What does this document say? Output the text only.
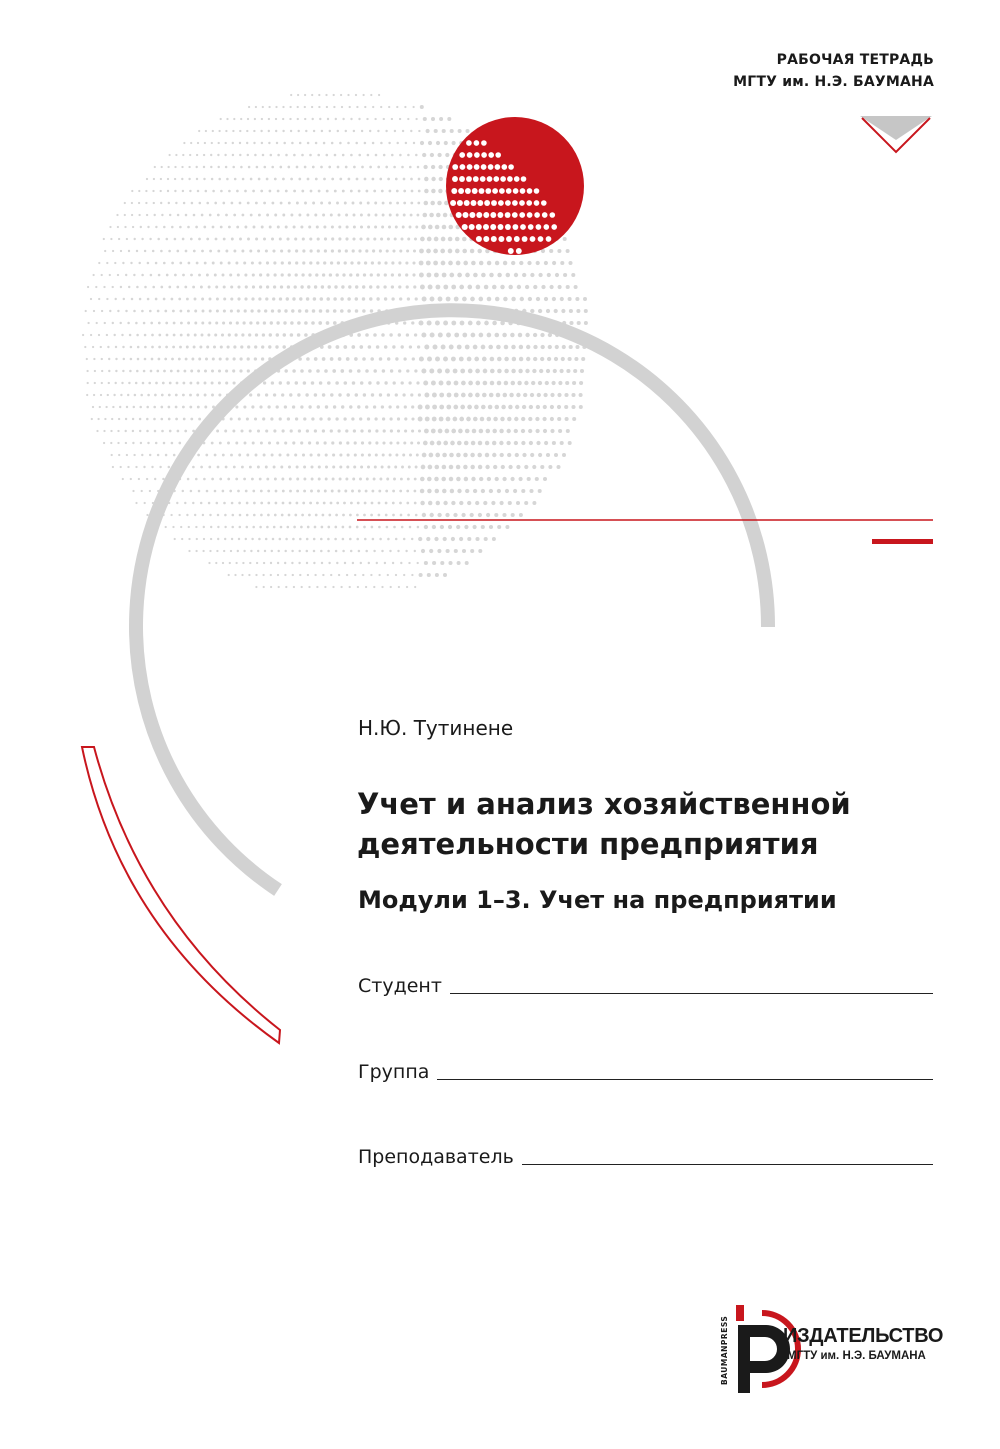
РАБОЧАЯ ТЕТРАДЬ
МГТУ им. Н.Э. БАУМАНА
Н.Ю. Тутинене
Учет и анализ хозяйственной
деятельности предприятия
Модули 1–3. Учет на предприятии
Студент
Группа
Преподаватель
BAUMANPRESS	ИЗДАТЕЛЬСТВО
МГТУ им. Н.Э. БАУМАНА
